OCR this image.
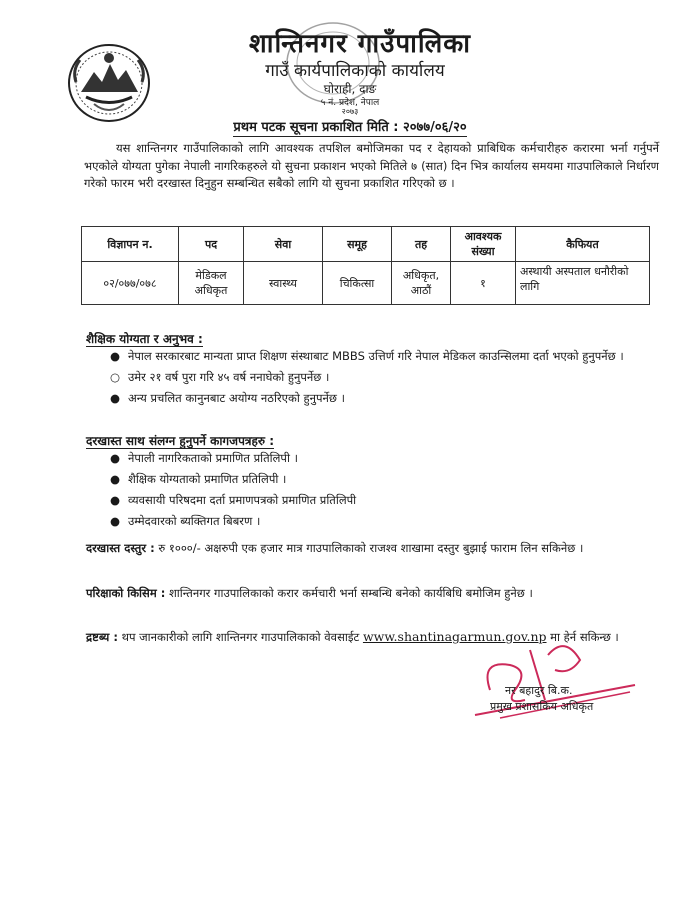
शान्तिनगर गाउँपालिका
गाउँ कार्यपालिकाको कार्यालय
घोराही, दाङ
५ नं. प्रदेश, नेपाल
२०७३
प्रथम पटक सूचना प्रकाशित मिति : २०७७/०६/२०

यस शान्तिनगर गाउँपालिकाको लागि आवश्यक तपशिल बमोजिमका पद र देहायको प्राबिधिक कर्मचारीहरु करारमा भर्ना गर्नुपर्ने भएकोले योग्यता पुगेका नेपाली नागरिकहरुले यो सुचना प्रकाशन भएको मितिले ७ (सात) दिन भित्र कार्यालय समयमा गाउपालिकाले निर्धारण गरेको फारम भरी दरखास्त दिनुहुन सम्बन्धित सबैको लागि यो सुचना प्रकाशित गरिएको छ ।

विज्ञापन न.	पद	सेवा	समूह	तह	आवश्यक संख्या	कैफियत
०२/०७७/०७८	मेडिकल अधिकृत	स्वास्थ्य	चिकित्सा	अधिकृत, आठौं	१	अस्थायी अस्पताल धनौरीको लागि

शैक्षिक योग्यता र अनुभव :

● नेपाल सरकारबाट मान्यता प्राप्त शिक्षण संस्थाबाट MBBS उत्तिर्ण गरि नेपाल मेडिकल काउन्सिलमा दर्ता भएको हुनुपर्नेछ ।
○ उमेर २१ वर्ष पुरा गरि ४५ वर्ष ननाघेको हुनुपर्नेछ ।
● अन्य प्रचलित कानुनबाट अयोग्य नठरिएको हुनुपर्नेछ ।

दरखास्त साथ संलग्न हुनुपर्ने कागजपत्रहरु :

● नेपाली नागरिकताको प्रमाणित प्रतिलिपी ।
● शैक्षिक योग्यताको प्रमाणित प्रतिलिपी ।
● व्यवसायी परिषदमा दर्ता प्रमाणपत्रको प्रमाणित प्रतिलिपी
● उम्मेदवारको ब्यक्तिगत बिबरण ।

दरखास्त दस्तुर : रु १०००/- अक्षरुपी एक हजार मात्र गाउपालिकाको राजश्व शाखामा दस्तुर बुझाई फाराम लिन सकिनेछ ।

परिक्षाको किसिम : शान्तिनगर गाउपालिकाको करार कर्मचारी भर्ना सम्बन्धि बनेको कार्यबिधि बमोजिम हुनेछ ।

द्रष्टब्य : थप जानकारीको लागि शान्तिनगर गाउपालिकाको वेवसाईट www.shantinagarmun.gov.np मा हेर्न सकिन्छ ।

नर बहादुर बि.क.
प्रमुख प्रशासकिय अधिकृत
